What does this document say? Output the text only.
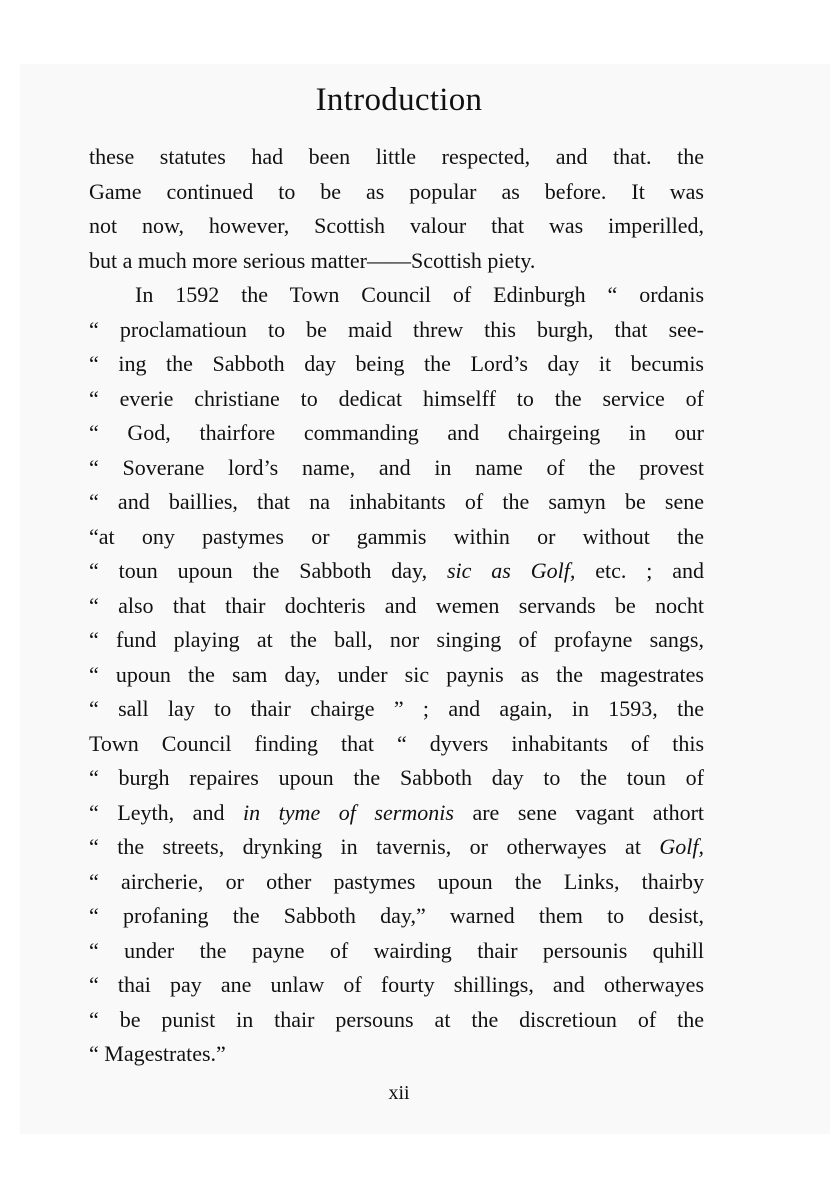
Introduction
these statutes had been little respected, and that. the
Game continued to be as popular as before. It was
not now, however, Scottish valour that was imperilled,
but a much more serious matter——Scottish piety.
In 1592 the Town Council of Edinburgh “ ordanis
“ proclamatioun to be maid threw this burgh, that see-
“ ing the Sabboth day being the Lord’s day it becumis
“ everie christiane to dedicat himselff to the service of
“ God, thairfore commanding and chairgeing in our
“ Soverane lord’s name, and in name of the provest
“ and baillies, that na inhabitants of the samyn be sene
“at ony pastymes or gammis within or without the
“ toun upoun the Sabboth day, sic as Golf, etc. ; and
“ also that thair dochteris and wemen servands be nocht
“ fund playing at the ball, nor singing of profayne sangs,
“ upoun the sam day, under sic paynis as the magestrates
“ sall lay to thair chairge ” ; and again, in 1593, the
Town Council finding that “ dyvers inhabitants of this
“ burgh repaires upoun the Sabboth day to the toun of
“ Leyth, and in tyme of sermonis are sene vagant athort
“ the streets, drynking in tavernis, or otherwayes at Golf,
“ aircherie, or other pastymes upoun the Links, thairby
“ profaning the Sabboth day,” warned them to desist,
“ under the payne of wairding thair persounis quhill
“ thai pay ane unlaw of fourty shillings, and otherwayes
“ be punist in thair persouns at the discretioun of the
“ Magestrates.”
xii
